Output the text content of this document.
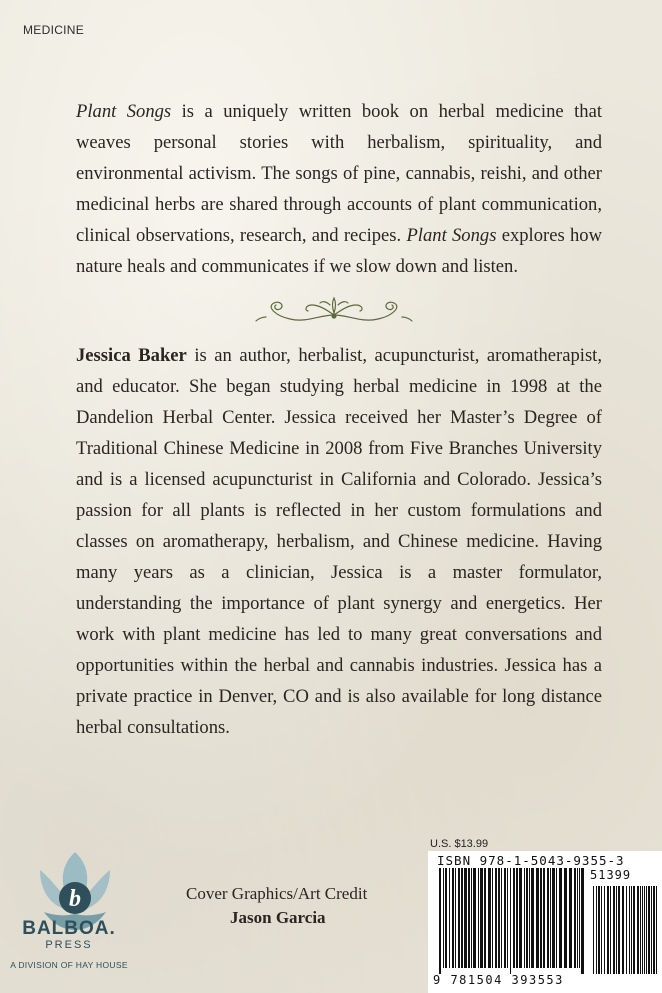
MEDICINE

Plant Songs is a uniquely written book on herbal medicine that weaves personal stories with herbalism, spirituality, and environmental activism. The songs of pine, cannabis, reishi, and other medicinal herbs are shared through accounts of plant communication, clinical observations, research, and recipes. Plant Songs explores how nature heals and communicates if we slow down and listen.

Jessica Baker is an author, herbalist, acupuncturist, aromatherapist, and educator. She began studying herbal medicine in 1998 at the Dandelion Herbal Center. Jessica received her Master’s Degree of Traditional Chinese Medicine in 2008 from Five Branches University and is a licensed acupuncturist in California and Colorado. Jessica’s passion for all plants is reflected in her custom formulations and classes on aromatherapy, herbalism, and Chinese medicine. Having many years as a clinician, Jessica is a master formulator, understanding the importance of plant synergy and energetics. Her work with plant medicine has led to many great conversations and opportunities within the herbal and cannabis industries. Jessica has a private practice in Denver, CO and is also available for long distance herbal consultations.

b
BALBOA.
PRESS
A DIVISION OF HAY HOUSE
Cover Graphics/Art Credit
Jason Garcia
U.S. $13.99
ISBN 978-1-5043-9355-3
9 781504 393553
51399
